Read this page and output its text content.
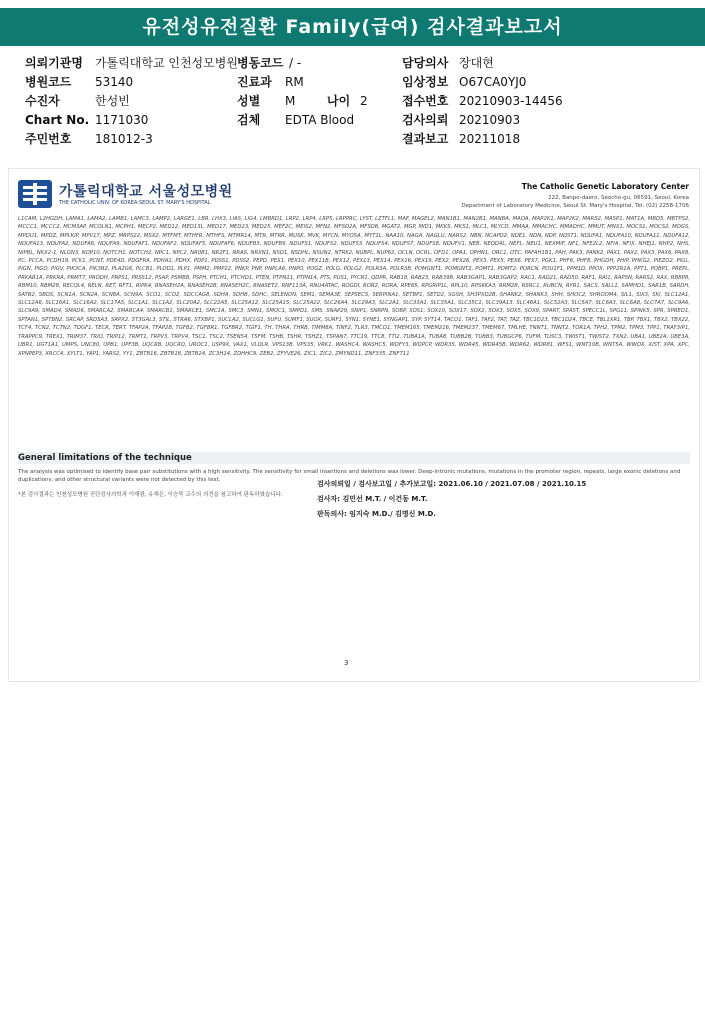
유전성유전질환 Family(급여) 검사결과보고서
의뢰기관명 가톨릭대학교 인천성모병원 병동코드 / -	담당의사 장대현
병원코드 53140	진료과 RM	임상정보 O67CA0YJ0
수진자	한성빈	성별 M	나이 2	접수번호 20210903-14456
Chart No. 1171030	검체 EDTA Blood	검사의뢰 20210903
주민번호 181012-3	결과보고 20211018
가톨릭대학교 서울성모병원
THE CATHOLIC UNIV. OF KOREA SEOUL ST. MARY'S HOSPITAL
The Catholic Genetic Laboratory Center
222, Banpo-daero, Seocho-gu, 06591, Seoul, Korea
Department of Laboratory Medicine, Seoul St. Mary's Hospital, Tel: (02) 2258-1706
L1CAM, L2HGDH, LAMA1, LAMA2, LAMB1, LAMC3, LAMP2, LARGE1, LBR, LHX3, LIAS, LIG4, LMBRD1, LRP2, LRP4, LRP5, LRPPRC, LYST, LZTFL1, MAF, MAGEL2, MAN1B1, MAN2B1, MANBA, MAOA, MAP2K1, MAP2K2, MARS2, MASP1, MAT1A, MBD5, MBTPS2, MCCC1, MCCC2, MCM3AP, MCOLN1, MCPH1, MECP2, MED12, MED13L, MED17, MED23, MED25, MEF2C, MEIS2, MFN2, MFSD2A, MFSD8, MGAT2, MGP, MID1, MKKS, MKS1, MLC1, MLYCD, MMAA, MMACHC, MMADHC, MMUT, MNX1, MOCS1, MOCS2, MOGS, MPDU1, MPDZ, MPLKIP, MPV17, MPZ, MRPS22, MSX2, MTFMT, MTHFR, MTHFS, MTMR14, MTR, MTRR, MUSK, MVK, MYCN, MYO5A, MYT1L, NAA10, NAGA, NAGLU, NARS2, NBN, NCAPD2, NDE1, NDN, NDP, NDST1, NDUFA1, NDUFA10, NDUFA11, NDUFA12, NDUFA13, NDUFA2, NDUFA6, NDUFA9, NDUFAF1, NDUFAF2, NDUFAF5, NDUFAF6, NDUFB3, NDUFB9, NDUFS1, NDUFS2, NDUFS3, NDUFS4, NDUFS7, NDUFS8, NDUFV1, NEB, NEDD4L, NEFL, NEU1, NEXMIF, NF1, NFE2L2, NFIA, NFIX, NHEJ1, NHP2, NHS, NIPBL, NKX2-1, NLGN3, NOP10, NOTCH1, NOTCH2, NPC1, NPC2, NR0B1, NR2F1, NRAS, NRXN1, NSD1, NSDHL, NSUN2, NTRK2, NUBPL, NUP62, OCLN, OCRL, OFD1, OPA1, OPHN1, ORC1, OTC, PAFAH1B1, PAH, PAK3, PANK2, PAX1, PAX2, PAX3, PAX6, PAX8, PC, PCCA, PCDH19, PCK1, PCNT, PDE4D, PDGFRA, PDHA1, PDHX, PDP1, PDSS1, PDSS2, PEPD, PEX1, PEX10, PEX11B, PEX12, PEX13, PEX14, PEX16, PEX19, PEX2, PEX26, PEX3, PEX5, PEX6, PEX7, PGK1, PHF6, PHF8, PHGDH, PHIP, PHKG2, PIEZO2, PIGL, PIGN, PIGO, PIGV, PIK3CA, PIK3R2, PLA2G6, PLCB1, PLOD1, PLP1, PMM2, PMP22, PNKP, PNP, PNPLA6, PNPO, POGZ, POLG, POLG2, POLR3A, POLR3B, POMGNT1, POMGNT2, POMT1, POMT2, PORCN, POU1F1, PPM1D, PPOX, PPP2R1A, PPT1, PQBP1, PREPL, PRKAR1A, PRKRA, PRMT7, PRODH, PRPS1, PRSS12, PSAP, PSMB8, PSPH, PTCH1, PTCHD1, PTEN, PTPN11, PTPN14, PTS, PUS1, PYCR1, QDPR, RAB18, RAB23, RAB39B, RAB3GAP1, RAB3GAP2, RAC1, RAD21, RAD50, RAF1, RAI1, RAPSN, RARS2, RAX, RBBP8, RBM10, RBM28, RECQL4, RELN, RET, RFT1, RIPK4, RNASEH2A, RNASEH2B, RNASEH2C, RNASET2, RNF113A, RNU4ATAC, ROGDI, ROR2, RORA, RPE65, RPGRIP1L, RPL10, RPS6KA3, RRM2B, RSRC1, RUBCN, RYR1, SACS, SALL1, SAMHD1, SAR1B, SARDH, SATB2, SBDS, SCN1A, SCN2A, SCN8A, SCN9A, SCO1, SCO2, SDCCAG8, SDHA, SDHB, SDHC, SELENON, SEM1, SEMA3E, SEPSECS, SERPINA1, SETBP1, SETD2, SGSH, SH3PXD2B, SHANK2, SHANK3, SHH, SHOC2, SHROOM4, SIL1, SIX3, SKI, SLC12A1, SLC12A6, SLC16A1, SLC16A2, SLC17A5, SLC1A1, SLC1A2, SLC20A2, SLC22A5, SLC25A12, SLC25A15, SLC25A22, SLC26A4, SLC29A3, SLC2A1, SLC33A1, SLC35A1, SLC35C1, SLC39A13, SLC46A1, SLC52A3, SLC5A7, SLC6A3, SLC6A8, SLC7A7, SLC9A6, SLC9A9, SMAD4, SMAD6, SMARCA2, SMARCA4, SMARCB1, SMARCE1, SMC1A, SMC3, SMN1, SMOC1, SMPD1, SMS, SNAP29, SNIP1, SNRPN, SOBP, SOS1, SOX10, SOX17, SOX2, SOX3, SOX5, SOX9, SPART, SPAST, SPECC1L, SPG11, SPINK5, SPR, SPRED1, SPTAN1, SPTBN2, SRCAP, SRD5A3, SRPX2, ST3GAL3, STIL, STRA6, STXBP1, SUCLA2, SUCLG1, SUFU, SUMF1, SUOX, SURF1, SYN1, SYNE1, SYNGAP1, SYP, SYT14, TACO1, TAF1, TAF2, TAT, TAZ, TBC1D23, TBC1D24, TBCE, TBL1XR1, TBP, TBX1, TBX2, TBX22, TCF4, TCN2, TCTN2, TDGF1, TECR, TERT, TFAP2A, TFAP2B, TGFB2, TGFBR1, TGFBR2, TGIF1, TH, THRA, THRB, TIMM8A, TINF2, TLR3, TMCO1, TMEM165, TMEM216, TMEM237, TMEM67, TMLHE, TNNT1, TNNT2, TOR1A, TPH2, TPM2, TPM3, TPP1, TRAF3IP1, TRAPPC9, TREX1, TRIM37, TRIO, TRIP12, TRMT1, TRPV3, TRPV4, TSC1, TSC2, TSEN54, TSFM, TSHB, TSHR, TSHZ1, TSPAN7, TTC19, TTC8, TTI2, TUBA1A, TUBA8, TUBB2B, TUBB3, TUBGCP6, TUFM, TUSC3, TWIST1, TWIST2, TXN2, UBA1, UBE2A, UBE3A, UBR1, UGT1A1, UMPS, UNC80, UPB1, UPF3B, UQCRB, UQCRQ, UROC1, USP9X, VAX1, VLDLR, VPS13B, VPS35, VRK1, WASHC4, WASHC5, WDFY3, WDPCP, WDR35, WDR45, WDR45B, WDR62, WDR81, WFS1, WNT10B, WNT5A, WWOX, XIST, XPA, XPC, XPNPEP3, XRCC4, XYLT1, YAP1, YARS2, YY1, ZBTB16, ZBTB18, ZBTB24, ZC3H14, ZDHHC9, ZEB2, ZFYVE26, ZIC1, ZIC2, ZMYND11, ZNF335, ZNF711
General limitations of the technique
The analysis was optimised to identify base pair substitutions with a high sensitivity. The sensitivity for small insertions and deletions was lower. Deep-intronic mutations, mutations in the promoter region, repeats, large exonic deletions and duplications, and other structural variants were not detected by this test.
*본 검사결과는 인천성모병원 진단검사의학과 이재광, 유재은, 이승묵 교수의 의견을 참고하여 판독하였습니다.
검사의뢰일 / 검사보고일 / 추가보고일: 2021.06.10 / 2021.07.08 / 2021.10.15
검사자: 김민선 M.T. / 이건동 M.T.
판독의사: 임지숙 M.D./ 김명신 M.D.
3
